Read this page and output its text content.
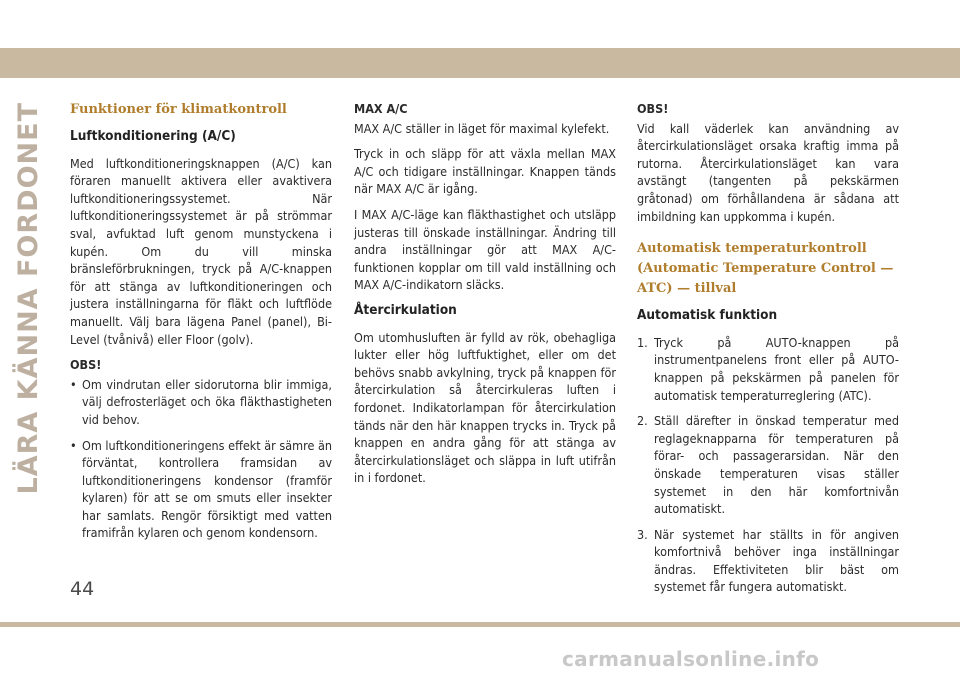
LÄRA KÄNNA FORDONET Funktioner för klimatkontroll
Luftkonditionering (A/C)

Med luftkonditioneringsknappen (A/C) kan föraren manuellt aktivera eller avaktivera luftkonditioneringssystemet. När luftkonditioneringssystemet är på strömmar sval, avfuktad luft genom munstyckena i kupén. Om du vill minska bränsleförbrukningen, tryck på A/C-knappen för att stänga av luftkonditioneringen och justera inställningarna för fläkt och luftflöde manuellt. Välj bara lägena Panel (panel), Bi-Level (tvånivå) eller Floor (golv).

OBS!

• Om vindrutan eller sidorutorna blir immiga, välj defrosterläget och öka fläkthastigheten vid behov.
• Om luftkonditioneringens effekt är sämre än förväntat, kontrollera framsidan av luftkonditioneringens kondensor (framför kylaren) för att se om smuts eller insekter har samlats. Rengör försiktigt med vatten framifrån kylaren och genom kondensorn.

MAX A/C

MAX A/C ställer in läget för maximal kylefekt.

Tryck in och släpp för att växla mellan MAX A/C och tidigare inställningar. Knappen tänds när MAX A/C är igång.

I MAX A/C-läge kan fläkthastighet och utsläpp justeras till önskade inställningar. Ändring till andra inställningar gör att MAX A/C-funktionen kopplar om till vald inställning och MAX A/C-indikatorn släcks.

Återcirkulation

Om utomhusluften är fylld av rök, obehagliga lukter eller hög luftfuktighet, eller om det behövs snabb avkylning, tryck på knappen för återcirkulation så återcirkuleras luften i fordonet. Indikatorlampan för återcirkulation tänds när den här knappen trycks in. Tryck på knappen en andra gång för att stänga av återcirkulationsläget och släppa in luft utifrån in i fordonet.

OBS!

Vid kall väderlek kan användning av återcirkulationsläget orsaka kraftig imma på rutorna. Återcirkulationsläget kan vara avstängt (tangenten på pekskärmen gråtonad) om förhållandena är sådana att imbildning kan uppkomma i kupén.

Automatisk temperaturkontroll (Automatic Temperature Control — ATC) — tillval
Automatisk funktion
1. Tryck på AUTO-knappen på instrumentpanelens front eller på AUTO-knappen på pekskärmen på panelen för automatisk temperaturreglering (ATC).
2. Ställ därefter in önskad temperatur med reglageknapparna för temperaturen på förar- och passagerarsidan. När den önskade temperaturen visas ställer systemet in den här komfortnivån automatiskt.
3. När systemet har ställts in för angiven komfortnivå behöver inga inställningar ändras. Effektiviteten blir bäst om systemet får fungera automatiskt.
44
carmanualsonline.info
